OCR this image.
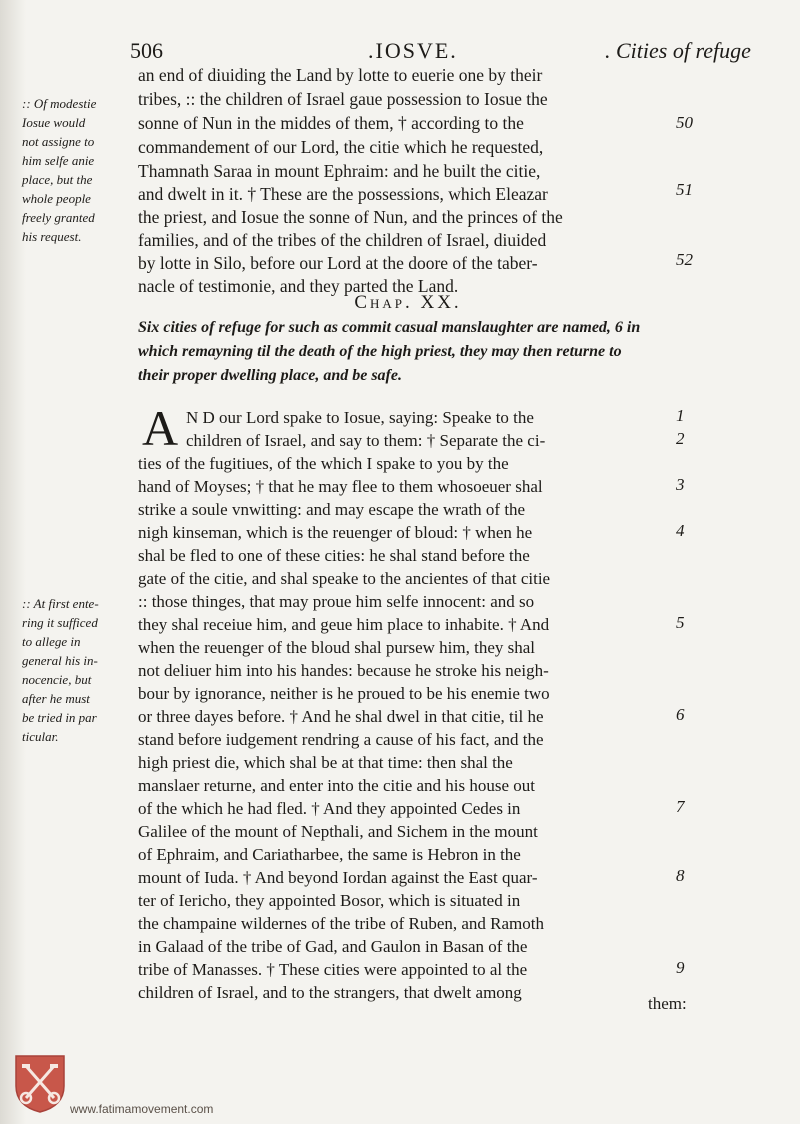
506	.IOSVE.	. Cities of refuge
an end of diuiding the Land by lotte to euerie one by their
tribes, :: the children of Israel gaue possession to Iosue the
sonne of Nun in the middes of them, † according to the
commandement of our Lord, the citie which he requested,
Thamnath Saraa in mount Ephraim: and he built the citie,
and dwelt in it. † These are the possessions, which Eleazar
the priest, and Iosue the sonne of Nun, and the princes of the
families, and of the tribes of the children of Israel, diuided
by lotte in Silo, before our Lord at the doore of the taber-
nacle of testimonie, and they parted the Land.
Chap. XX.
Six cities of refuge for such as commit casual manslaughter are named, 6 in
which remayning til the death of the high priest, they may then returne to
their proper dwelling place, and be safe.
A N D our Lord spake to Iosue, saying: Speake to the
children of Israel, and say to them: † Separate the ci-
ties of the fugitiues, of the which I spake to you by the
hand of Moyses; † that he may flee to them whosoeuer shal
strike a soule vnwitting: and may escape the wrath of the
nigh kinseman, which is the reuenger of bloud: † when he
shal be fled to one of these cities: he shal stand before the
gate of the citie, and shal speake to the ancientes of that citie
:: those thinges, that may proue him selfe innocent: and so
they shal receiue him, and geue him place to inhabite. † And
when the reuenger of the bloud shal pursew him, they shal
not deliuer him into his handes: because he stroke his neigh-
bour by ignorance, neither is he proued to be his enemie two
or three dayes before. † And he shal dwel in that citie, til he
stand before iudgement rendring a cause of his fact, and the
high priest die, which shal be at that time: then shal the
manslaer returne, and enter into the citie and his house out
of the which he had fled. † And they appointed Cedes in
Galilee of the mount of Nepthali, and Sichem in the mount
of Ephraim, and Cariatharbee, the same is Hebron in the
mount of Iuda. † And beyond Iordan against the East quar-
ter of Iericho, they appointed Bosor, which is situated in
the champaine wildernes of the tribe of Ruben, and Ramoth
in Galaad of the tribe of Gad, and Gaulon in Basan of the
tribe of Manasses. † These cities were appointed to al the
children of Israel, and to the strangers, that dwelt among
them:
:: Of modestie
Iosue would
not assigne to
him selfe anie
place, but the
whole people
freely granted
his request.
:: At first ente-
ring it sufficed
to allege in
general his in-
nocencie, but
after he must
be tried in par
ticular.
50
51
52
1
2
3
4
5
6
7
8
9
www.fatimamovement.com
